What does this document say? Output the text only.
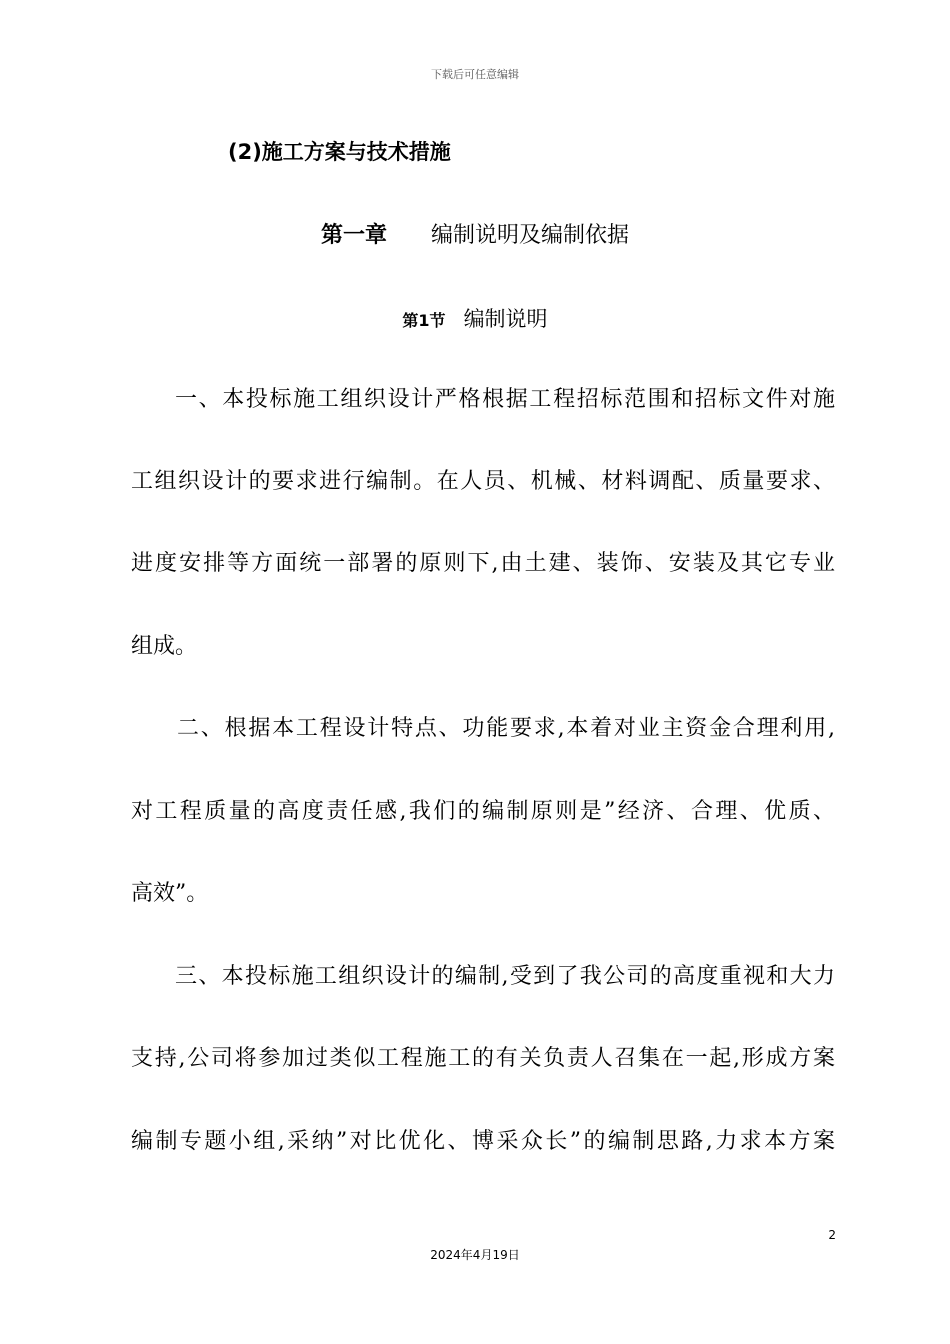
下载后可任意编辑
(2)施工方案与技术措施
第一章 编制说明及编制依据
第1节 编制说明
一、本投标施工组织设计严格根据工程招标范围和招标文件对施
工组织设计的要求进行编制。在人员、机械、材料调配、质量要求、
进度安排等方面统一部署的原则下,由土建、装饰、安装及其它专业
组成。
二、根据本工程设计特点、功能要求,本着对业主资金合理利用,
对工程质量的高度责任感,我们的编制原则是”经济、合理、优质、
高效”。
三、本投标施工组织设计的编制,受到了我公司的高度重视和大力
支持,公司将参加过类似工程施工的有关负责人召集在一起,形成方案
编制专题小组,采纳”对比优化、博采众长”的编制思路,力求本方案
2
2024年4月19日
